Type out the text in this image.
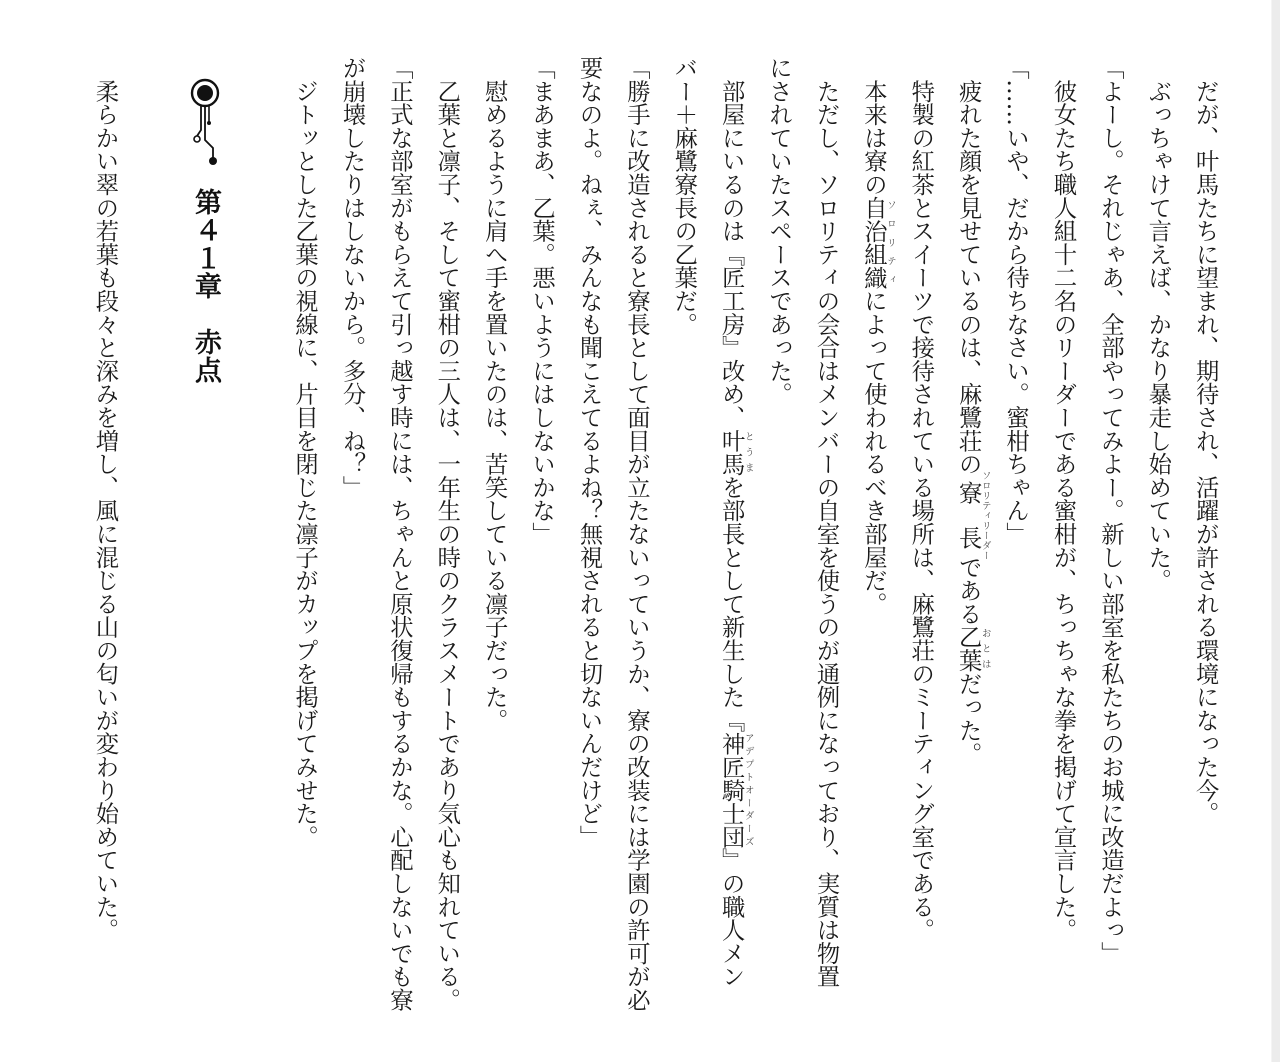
　だが、叶馬たちに望まれ、期待され、活躍が許される環境になった今。
　ぶっちゃけて言えば、かなり暴走し始めていた。
「よーし。それじゃあ、全部やってみよー。新しい部室を私たちのお城に改造だよっ」
　彼女たち職人組十二名のリーダーである蜜柑が、ちっちゃな拳を掲げて宣言した。
「……いや、だから待ちなさい。蜜柑ちゃん」
　疲れた顔を見せているのは、麻鷺荘の寮長ソロリティリーダーである乙葉おとはだった。
　特製の紅茶とスイーツで接待されている場所は、麻鷺荘のミーティング室である。
　本来は寮の自治組織ソロリティによって使われるべき部屋だ。
　ただし、ソロリティの会合はメンバーの自室を使うのが通例になっており、実質は物置
にされていたスペースであった。
　部屋にいるのは『匠工房』改め、叶馬とうまを部長として新生した『神匠騎士団アデプトオーダーズ』の職人メン
バー＋麻鷺寮長の乙葉だ。
「勝手に改造されると寮長として面目が立たないっていうか、寮の改装には学園の許可が必
要なのよ。ねぇ、みんなも聞こえてるよね？無視されると切ないんだけど」
「まあまあ、乙葉。悪いようにはしないかな」
　慰めるように肩へ手を置いたのは、苦笑している凛子だった。
　乙葉と凛子、そして蜜柑の三人は、一年生の時のクラスメートであり気心も知れている。
「正式な部室がもらえて引っ越す時には、ちゃんと原状復帰もするかな。心配しないでも寮
が崩壊したりはしないから。多分、ね？」
　ジトッとした乙葉の視線に、片目を閉じた凛子がカップを掲げてみせた。
第４１章　赤点
　柔らかい翠の若葉も段々と深みを増し、風に混じる山の匂いが変わり始めていた。
